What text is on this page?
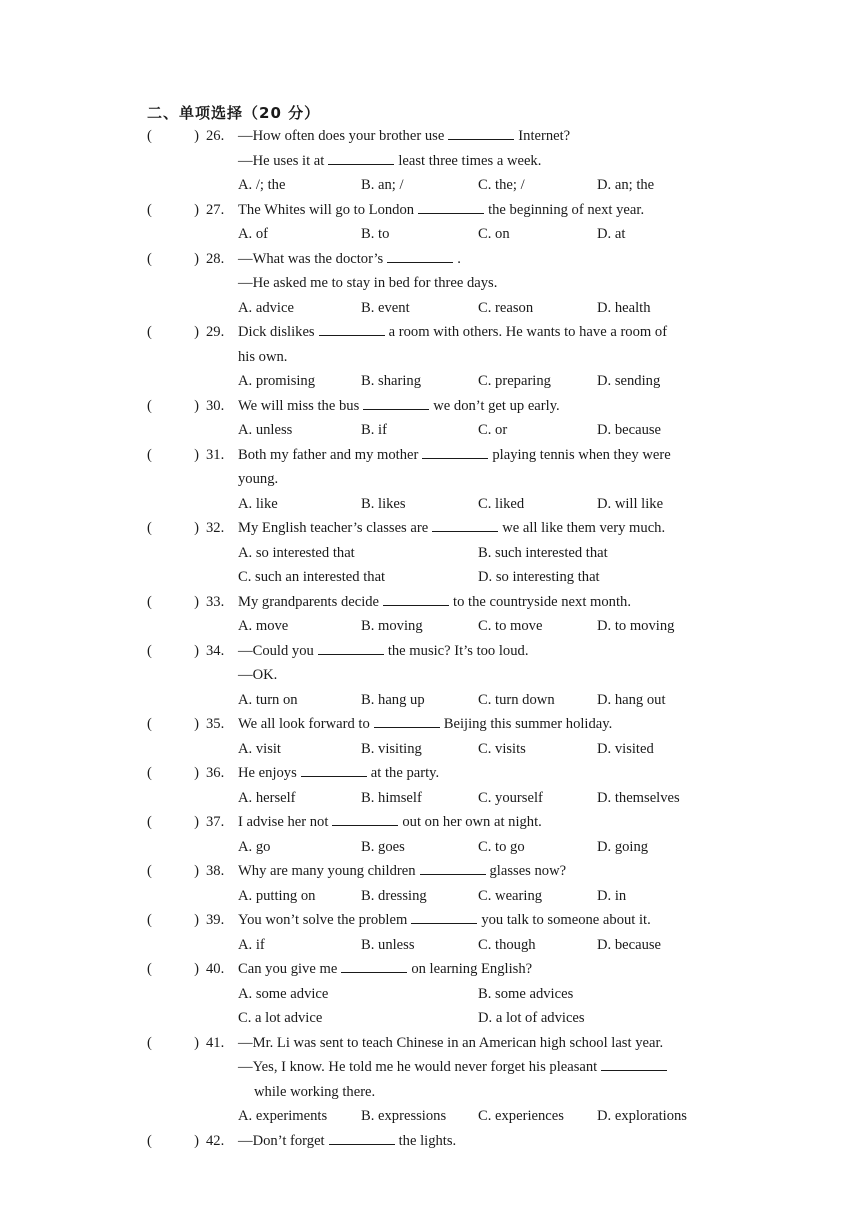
二、单项选择（20 分）
(	) 26. —How often does your brother use	Internet?
—He uses it at	least three times a week.
A. /; the	B. an; /	C. the; /	D. an; the
(	) 27. The Whites will go to London	the beginning of next year.
A. of	B. to	C. on	D. at
(	) 28. —What was the doctor’s	.
—He asked me to stay in bed for three days.
A. advice	B. event	C. reason	D. health
(	) 29. Dick dislikes	a room with others. He wants to have a room of
his own.
A. promising	B. sharing	C. preparing	D. sending
(	) 30. We will miss the bus	we don’t get up early.
A. unless	B. if	C. or	D. because
(	) 31. Both my father and my mother	playing tennis when they were
young.
A. like	B. likes	C. liked	D. will like
(	) 32. My English teacher’s classes are	we all like them very much.
A. so interested that	B. such interested that
C. such an interested that	D. so interesting that
(	) 33. My grandparents decide	to the countryside next month.
A. move	B. moving	C. to move	D. to moving
(	) 34. —Could you	the music? It’s too loud.
—OK.
A. turn on	B. hang up	C. turn down	D. hang out
(	) 35. We all look forward to	Beijing this summer holiday.
A. visit	B. visiting	C. visits	D. visited
(	) 36. He enjoys	at the party.
A. herself	B. himself	C. yourself	D. themselves
(	) 37. I advise her not	out on her own at night.
A. go	B. goes	C. to go	D. going
(	) 38. Why are many young children	glasses now?
A. putting on	B. dressing	C. wearing	D. in
(	) 39. You won’t solve the problem	you talk to someone about it.
A. if	B. unless	C. though	D. because
(	) 40. Can you give me	on learning English?
A. some advice	B. some advices
C. a lot advice	D. a lot of advices
(	) 41. —Mr. Li was sent to teach Chinese in an American high school last year.
—Yes, I know. He told me he would never forget his pleasant
while working there.
A. experiments B. expressions C. experiences D. explorations
(	) 42. —Don’t forget	the lights.
